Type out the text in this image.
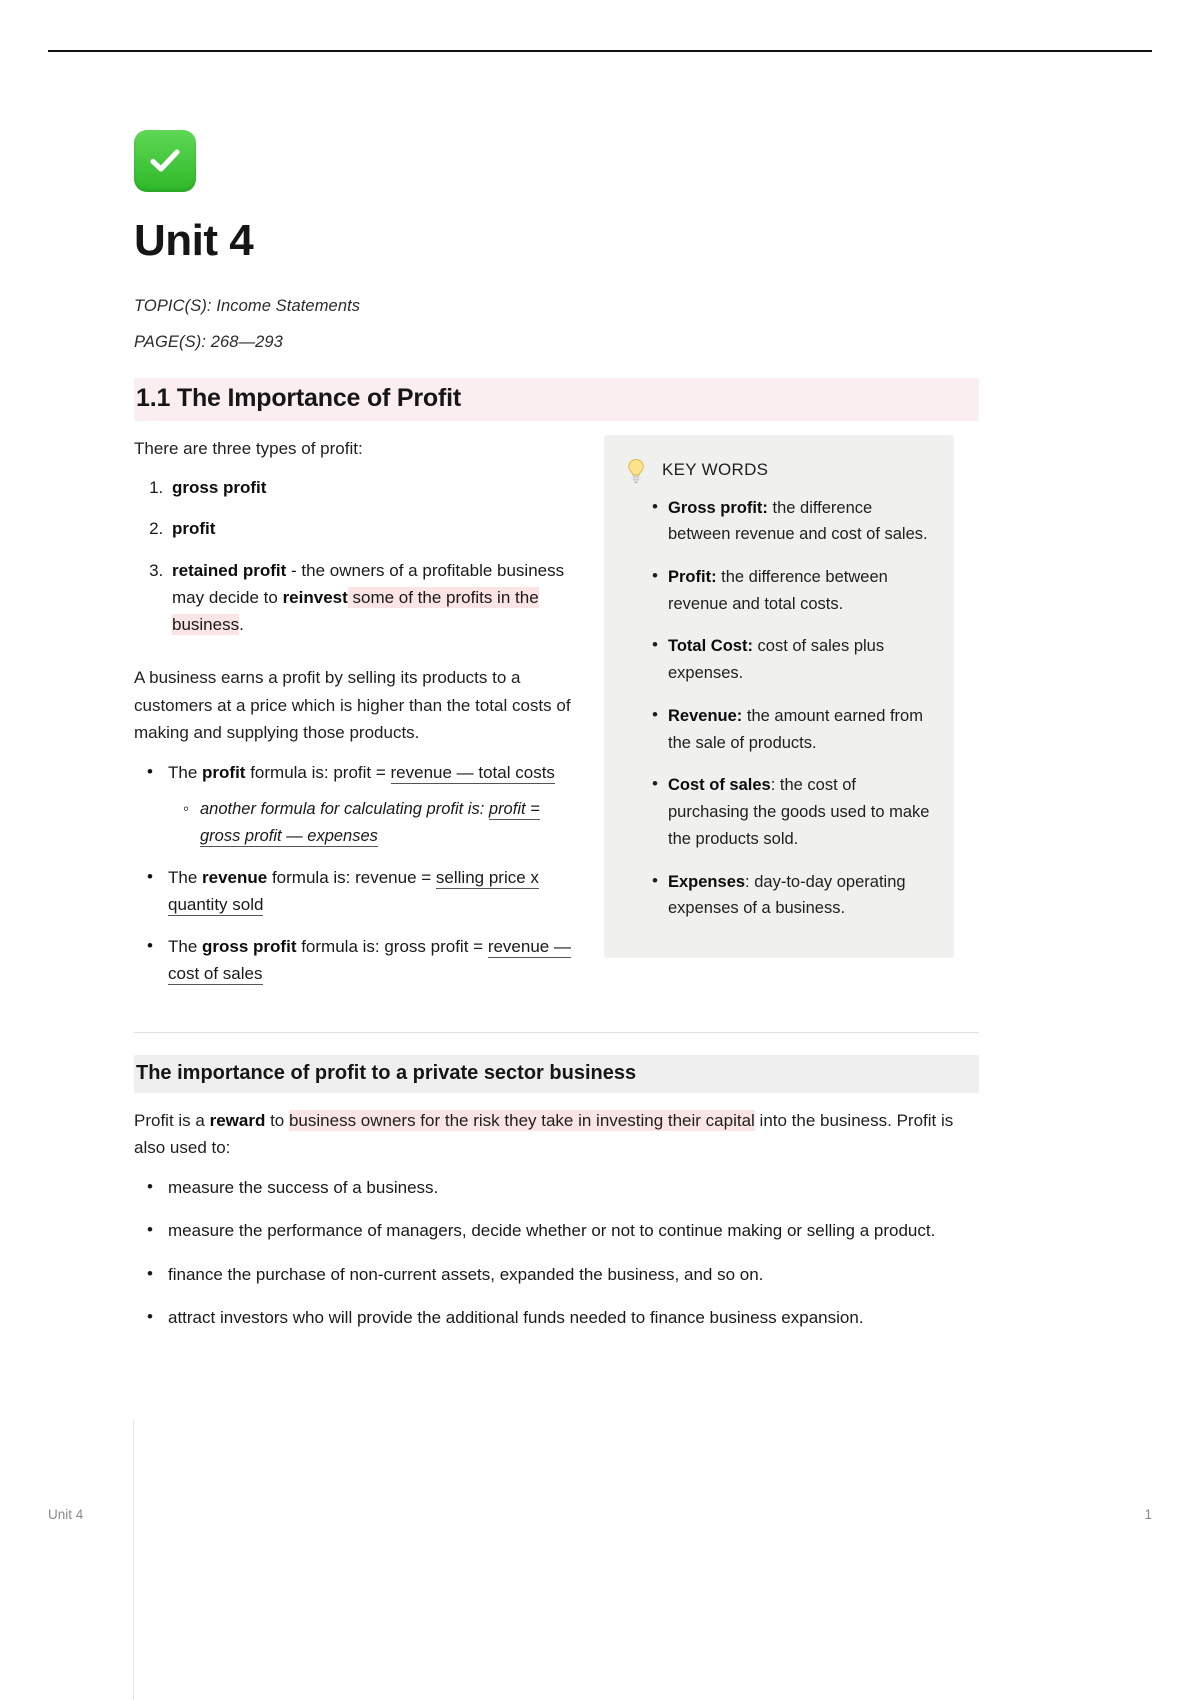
Unit 4

TOPIC(S): Income Statements

PAGE(S): 268—293

1.1 The Importance of Profit

There are three types of profit:

1. gross profit
2. profit
3. retained profit - the owners of a profitable business may decide to reinvest some of the profits in the business.

A business earns a profit by selling its products to a customers at a price which is higher than the total costs of making and supplying those products.

• The profit formula is: profit = revenue — total costs
◦ another formula for calculating profit is: profit = gross profit — expenses
• The revenue formula is: revenue = selling price x quantity sold
• The gross profit formula is: gross profit = revenue — cost of sales
KEY WORDS
• Gross profit: the difference between revenue and cost of sales.
• Profit: the difference between revenue and total costs.
• Total Cost: cost of sales plus expenses.
• Revenue: the amount earned from the sale of products.
• Cost of sales: the cost of purchasing the goods used to make the products sold.
• Expenses: day-to-day operating expenses of a business.
The importance of profit to a private sector business

Profit is a reward to business owners for the risk they take in investing their capital into the business. Profit is also used to:

• measure the success of a business.
• measure the performance of managers, decide whether or not to continue making or selling a product.
• finance the purchase of non-current assets, expanded the business, and so on.
• attract investors who will provide the additional funds needed to finance business expansion.
Unit 4	1
